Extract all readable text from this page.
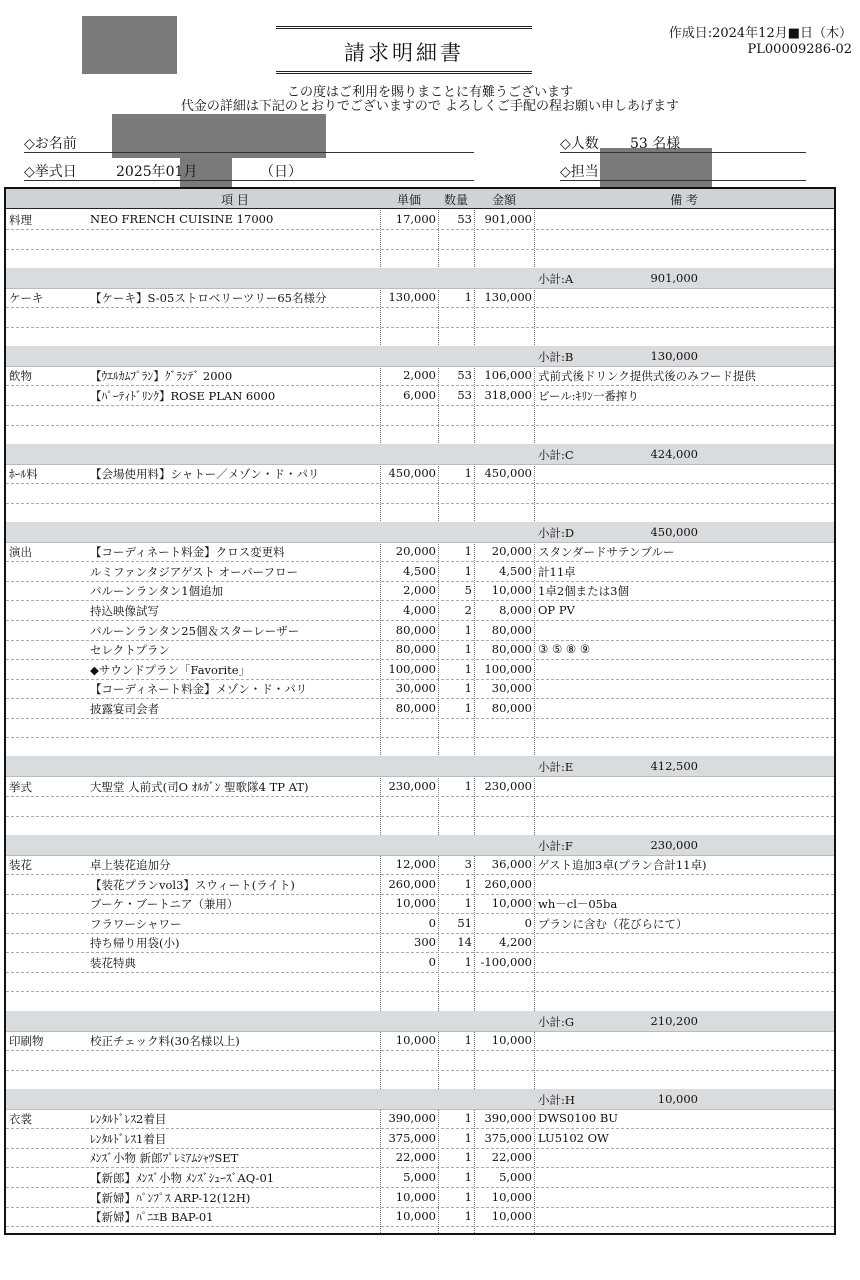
請求明細書
作成日:2024年12月■日（木）
PL00009286-02
この度はご利用を賜りまことに有難うございます
代金の詳細は下記のとおりでございますので よろしくご手配の程お願い申しあげます
◇お名前
◇挙式日	2025年01月	（日）
◇人数 53 名様
◇担当
項 目	単価	数量	金額	備 考
料理	NEO FRENCH CUISINE 17000	17,000	53	901,000
小計:A	901,000
ケーキ	【ケーキ】S-05ストロベリーツリー65名様分	130,000	1	130,000
小計:B	130,000
飲物	【ｳｴﾙｶﾑﾌﾟﾗﾝ】ｸﾞﾗﾝﾃﾞ 2000	2,000	53	106,000 式前式後ドリンク提供式後のみフード提供
【ﾊﾟｰﾃｨﾄﾞﾘﾝｸ】ROSE PLAN 6000	6,000	53	318,000 ビール:ｷﾘﾝ一番搾り
小計:C	424,000
ﾎｰﾙ料	【会場使用料】シャトー／メゾン・ド・パリ	450,000	1	450,000
小計:D	450,000
演出	【コーディネート料金】クロス変更料	20,000	1	20,000 スタンダードサテンブルー
ルミファンタジアゲスト オーバーフロー	4,500	1	4,500 計11卓
バルーンランタン1個追加	2,000	5	10,000 1卓2個または3個
持込映像試写	4,000	2	8,000 OP PV
バルーンランタン25個＆スターレーザー	80,000	1	80,000
セレクトプラン	80,000	1	80,000 ③ ⑤ ⑧ ⑨
◆サウンドプラン「Favorite」	100,000	1	100,000
【コーディネート料金】メゾン・ド・パリ	30,000	1	30,000
披露宴司会者	80,000	1	80,000
小計:E	412,500
挙式	大聖堂 人前式(司O ｵﾙｶﾞﾝ 聖歌隊4 TP AT)	230,000	1	230,000
小計:F	230,000
装花	卓上装花追加分	12,000	3	36,000 ゲスト追加3卓(プラン合計11卓)
【装花プランvol3】スウィート(ライト)	260,000	1	260,000
ブーケ・ブートニア（兼用）	10,000	1	10,000 wh－cl－05ba
フラワーシャワー	0	51	0 プランに含む（花びらにて）
持ち帰り用袋(小)	300	14	4,200
装花特典	0	1 -100,000
小計:G	210,200
印刷物	校正チェック料(30名様以上)	10,000	1	10,000
小計:H	10,000
衣裳	ﾚﾝﾀﾙﾄﾞﾚｽ2着目	390,000	1	390,000 DWS0100 BU
ﾚﾝﾀﾙﾄﾞﾚｽ1着目	375,000	1	375,000 LU5102 OW
ﾒﾝｽﾞ小物 新郎ﾌﾟﾚﾐｱﾑｼｬﾂSET	22,000	1	22,000
【新郎】ﾒﾝｽﾞ小物 ﾒﾝｽﾞｼｭｰｽﾞAQ-01	5,000	1	5,000
【新婦】ﾊﾟﾝﾌﾟｽ ARP-12(12H)	10,000	1	10,000
【新婦】ﾊﾟﾆｴB BAP-01	10,000	1	10,000
